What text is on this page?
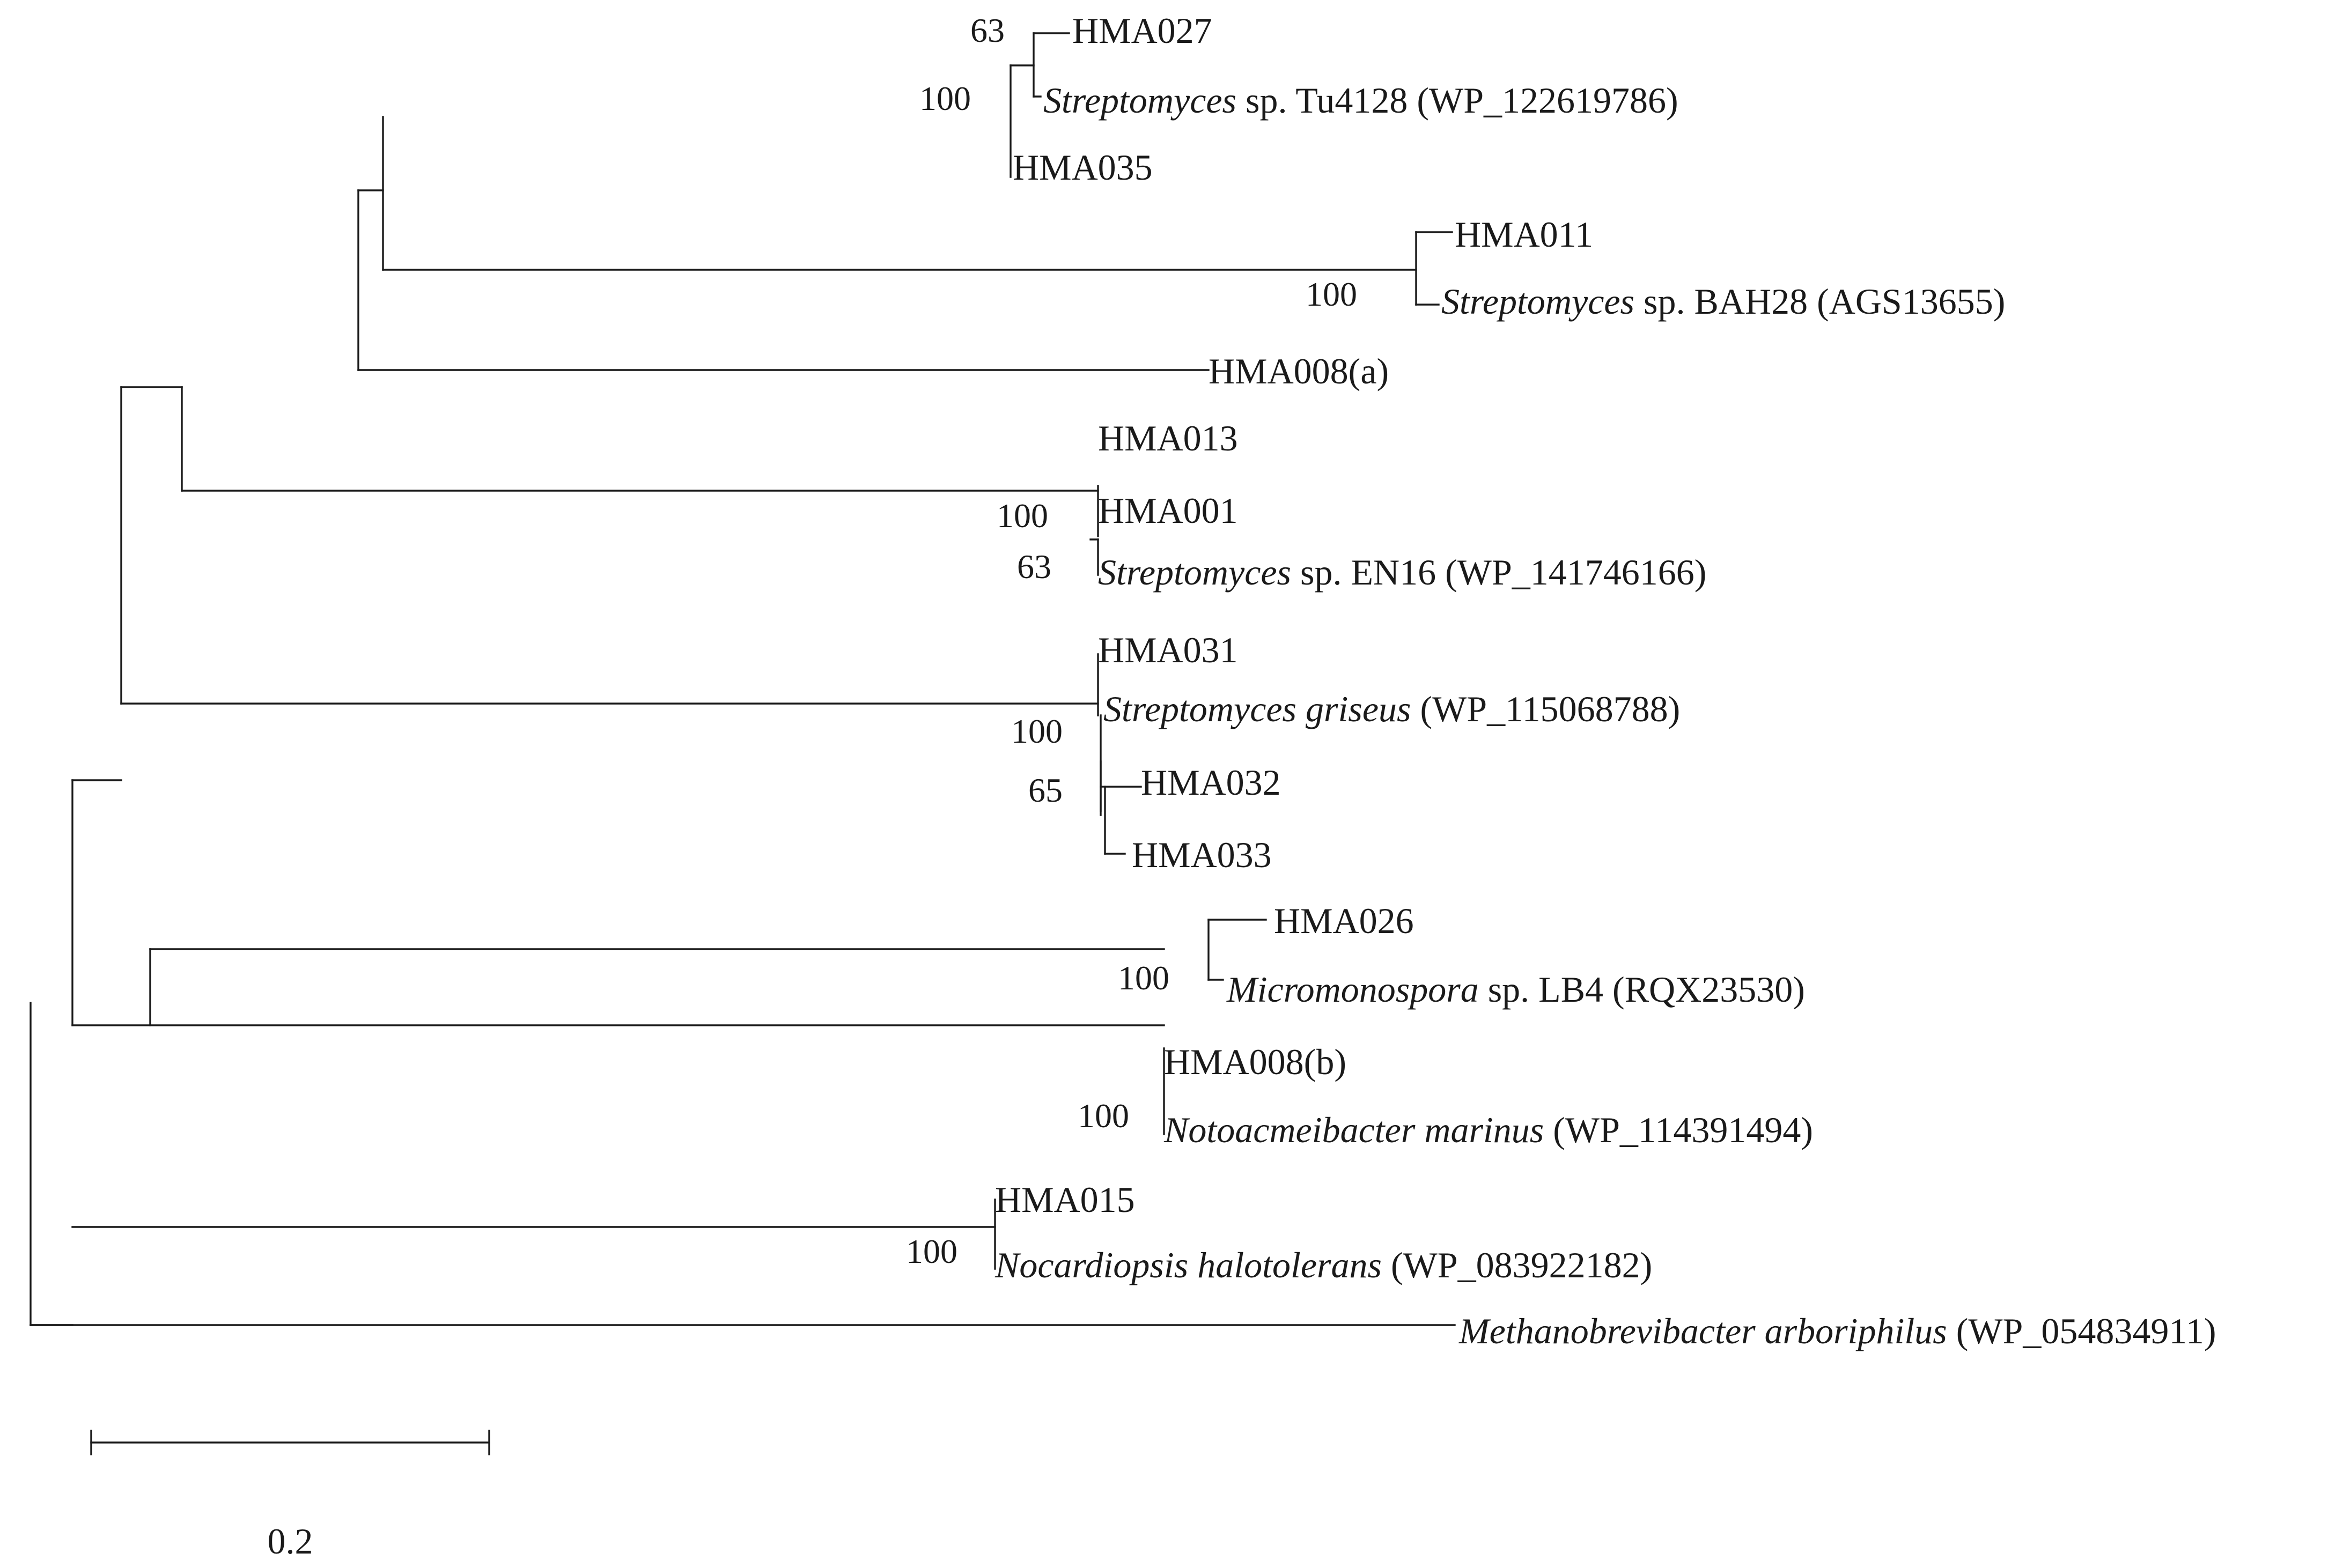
HMA027
Streptomyces sp. Tu4128 (WP_122619786)
HMA035
HMA011
Streptomyces sp. BAH28 (AGS13655)
HMA008(a)
HMA013
HMA001
Streptomyces sp. EN16 (WP_141746166)
HMA031
Streptomyces griseus (WP_115068788)
HMA032
HMA033
HMA026
Micromonospora sp. LB4 (RQX23530)
HMA008(b)
Notoacmeibacter marinus (WP_114391494)
HMA015
Nocardiopsis halotolerans (WP_083922182)
Methanobrevibacter arboriphilus (WP_054834911)
63
100
100
100
63
100
65
100
100
100
0.2
